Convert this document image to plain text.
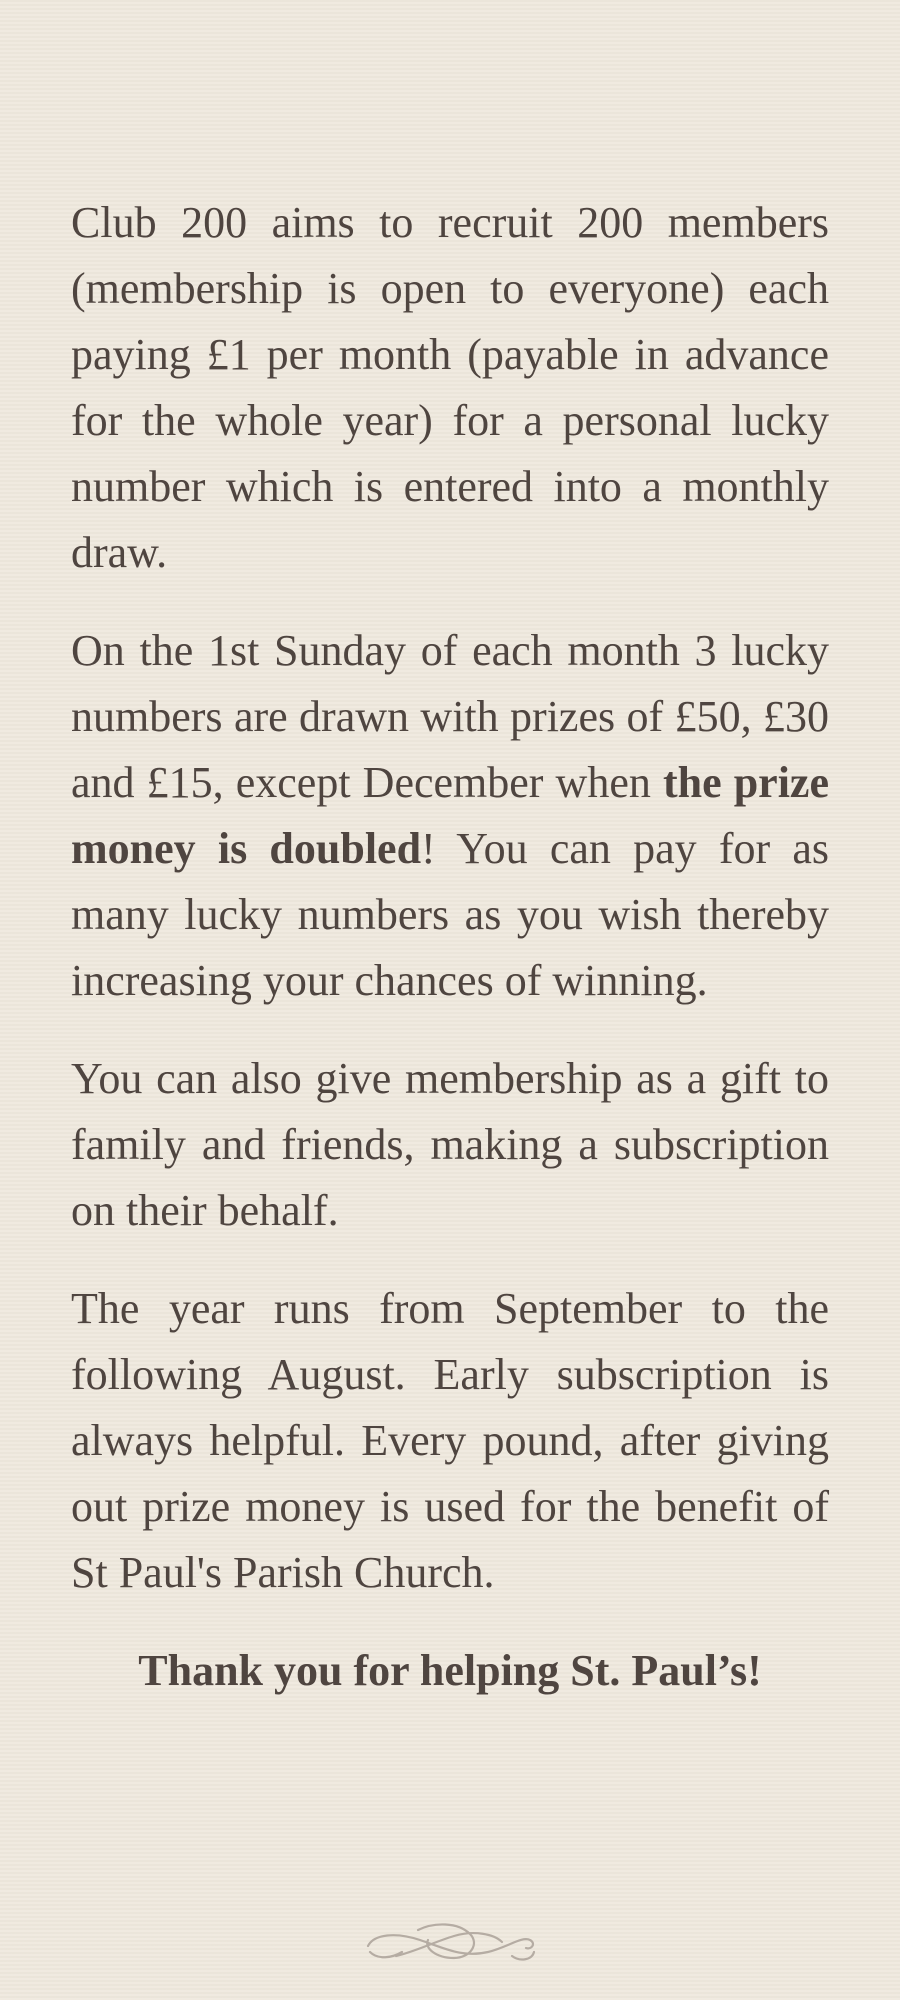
Club 200 aims to recruit 200 members (membership is open to everyone) each paying £1 per month (payable in advance for the whole year) for a personal lucky number which is entered into a monthly draw.

On the 1st Sunday of each month 3 lucky numbers are drawn with prizes of £50, £30 and £15, except December when the prize money is doubled! You can pay for as many lucky numbers as you wish thereby increasing your chances of winning.

You can also give membership as a gift to family and friends, making a subscription on their behalf.

The year runs from September to the following August. Early subscription is always helpful. Every pound, after giving out prize money is used for the benefit of St Paul's Parish Church.

Thank you for helping St. Paul’s!
